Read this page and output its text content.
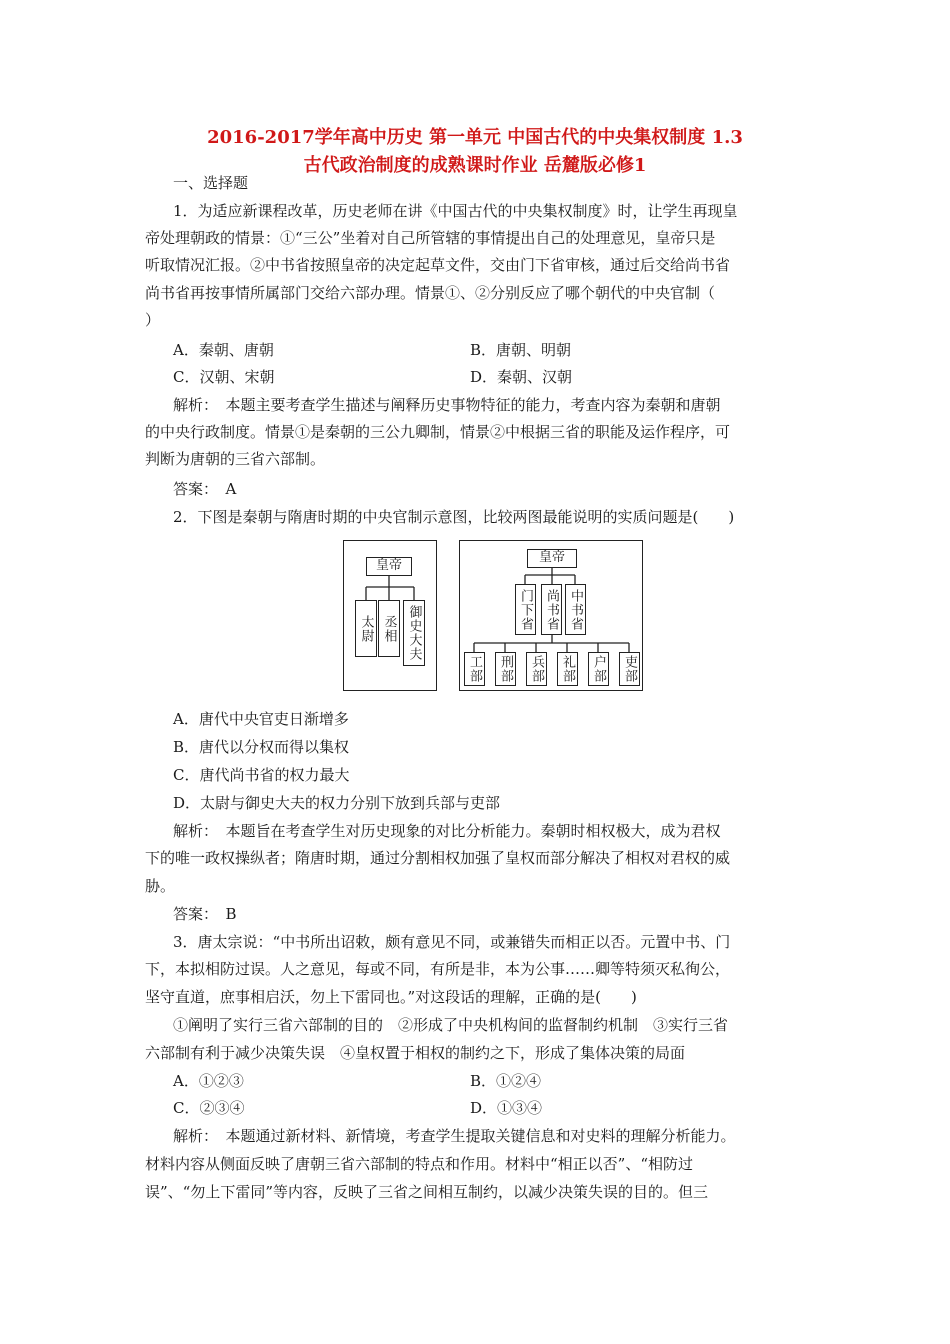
2016-2017学年高中历史 第一单元 中国古代的中央集权制度 1.3
古代政治制度的成熟课时作业 岳麓版必修1
一、选择题
1．为适应新课程改革，历史老师在讲《中国古代的中央集权制度》时，让学生再现皇
帝处理朝政的情景：①“三公”坐着对自己所管辖的事情提出自己的处理意见，皇帝只是
听取情况汇报。②中书省按照皇帝的决定起草文件，交由门下省审核，通过后交给尚书省
尚书省再按事情所属部门交给六部办理。情景①、②分别反应了哪个朝代的中央官制（
）
A．秦朝、唐朝	B．唐朝、明朝
C．汉朝、宋朝	D．秦朝、汉朝
解析：　本题主要考查学生描述与阐释历史事物特征的能力，考查内容为秦朝和唐朝
的中央行政制度。情景①是秦朝的三公九卿制，情景②中根据三省的职能及运作程序，可
判断为唐朝的三省六部制。
答案：　A
2．下图是秦朝与隋唐时期的中央官制示意图，比较两图最能说明的实质问题是(　　)
皇帝
太尉 丞相 御史大夫
皇帝
门下省 尚书省 中书省
工部 刑部 兵部 礼部 户部 吏部
A．唐代中央官吏日渐增多
B．唐代以分权而得以集权
C．唐代尚书省的权力最大
D．太尉与御史大夫的权力分别下放到兵部与吏部
解析：　本题旨在考查学生对历史现象的对比分析能力。秦朝时相权极大，成为君权
下的唯一政权操纵者；隋唐时期，通过分割相权加强了皇权而部分解决了相权对君权的威
胁。
答案：　B
3．唐太宗说：“中书所出诏敕，颇有意见不同，或兼错失而相正以否。元置中书、门
下，本拟相防过误。人之意见，每或不同，有所是非，本为公事……卿等特须灭私徇公，
坚守直道，庶事相启沃，勿上下雷同也。”对这段话的理解，正确的是(　　)
①阐明了实行三省六部制的目的　②形成了中央机构间的监督制约机制　③实行三省
六部制有利于减少决策失误　④皇权置于相权的制约之下，形成了集体决策的局面
A．①②③	B．①②④
C．②③④	D．①③④
解析：　本题通过新材料、新情境，考查学生提取关键信息和对史料的理解分析能力。
材料内容从侧面反映了唐朝三省六部制的特点和作用。材料中“相正以否”、“相防过
误”、“勿上下雷同”等内容，反映了三省之间相互制约，以减少决策失误的目的。但三
